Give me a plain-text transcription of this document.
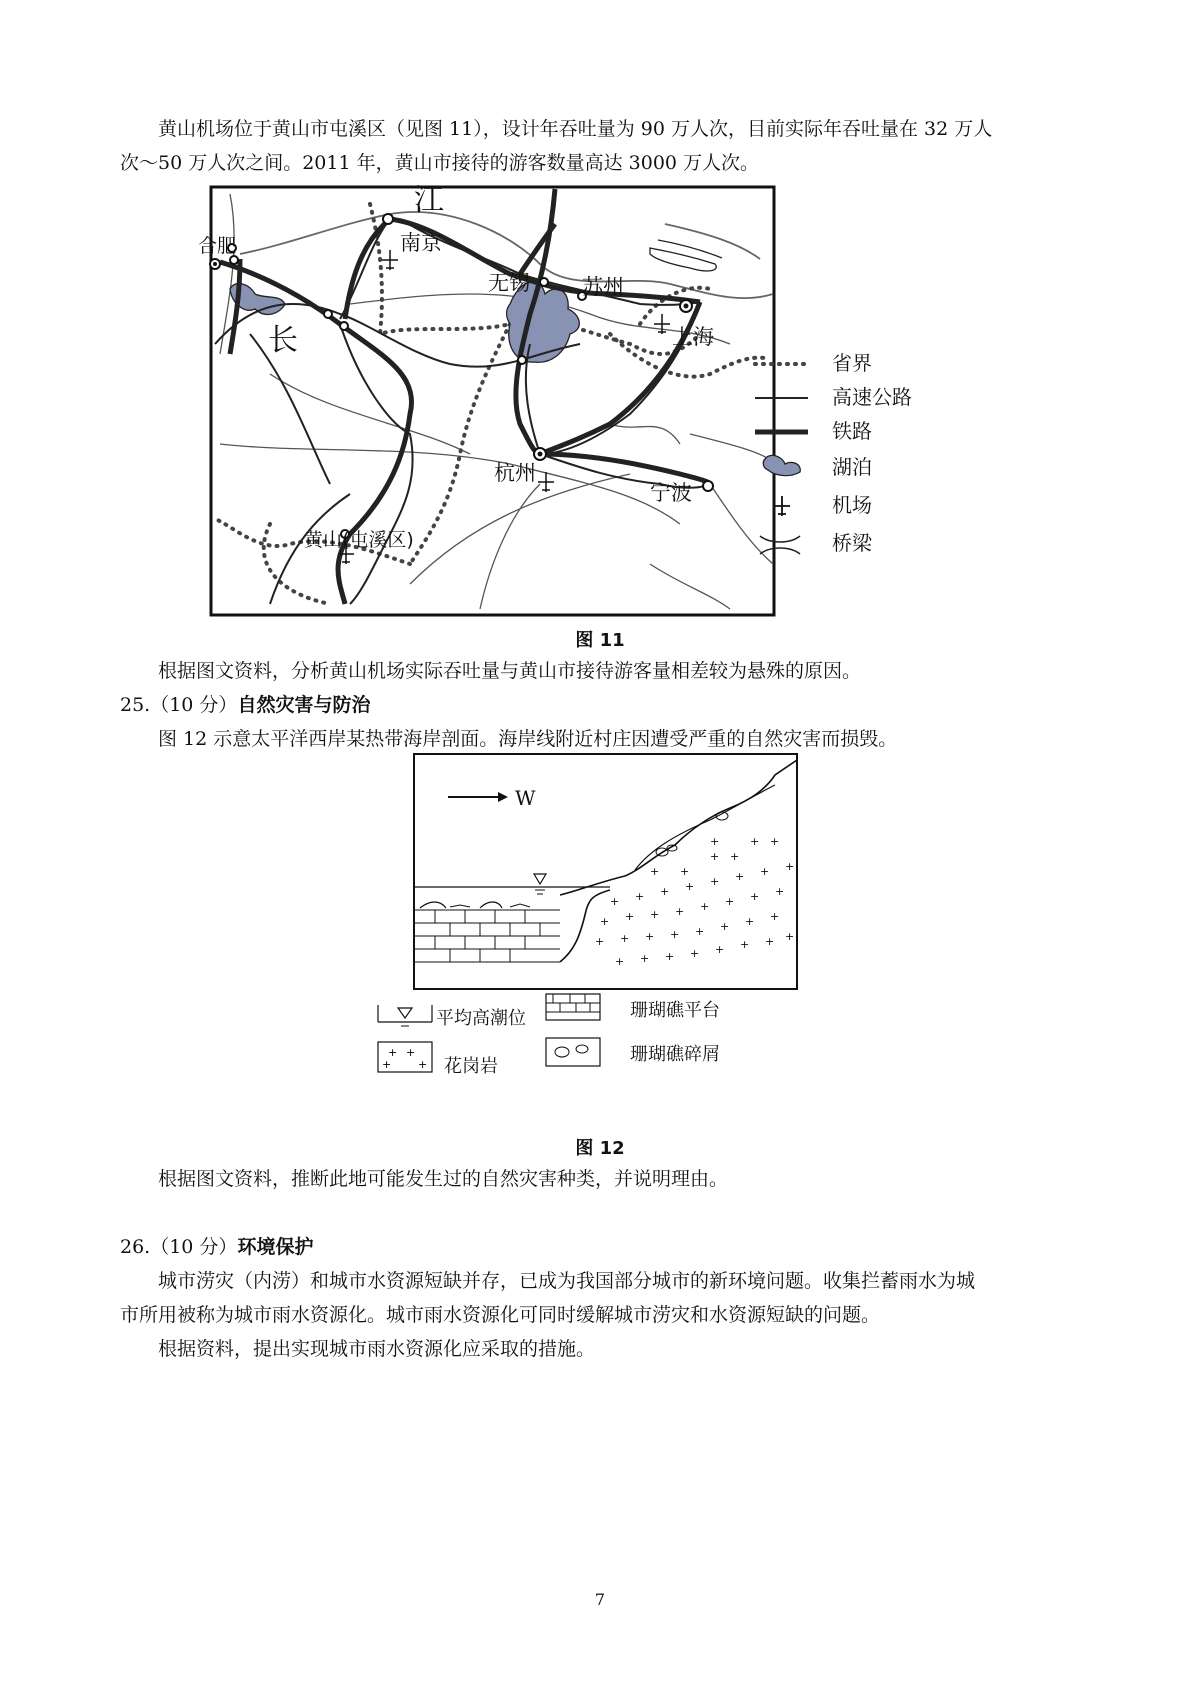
黄山机场位于黄山市屯溪区（见图 11），设计年吞吐量为 90 万人次，目前实际年吞吐量在 32 万人

次～50 万人次之间。2011 年，黄山市接待的游客数量高达 3000 万人次。

江
长
合肥	南京
无锡 苏州
上海
杭州
宁波
黄山(屯溪区)
省界
高速公路
铁路
湖泊
机场
桥梁
图 11

根据图文资料，分析黄山机场实际吞吐量与黄山市接待游客量相差较为悬殊的原因。

25.（10 分）自然灾害与防治

图 12 示意太平洋西岸某热带海岸剖面。海岸线附近村庄因遭受严重的自然灾害而损毁。

W
+ +
+ +
+ +
+
+ + + + + + + +
+ + + + + + + +
+ + + + + + + +
+ + + + + + + +
+ +
+ +
平均高潮位	珊瑚礁平台
花岗岩
珊瑚礁碎屑
图 12

根据图文资料，推断此地可能发生过的自然灾害种类，并说明理由。

26.（10 分）环境保护

城市涝灾（内涝）和城市水资源短缺并存，已成为我国部分城市的新环境问题。收集拦蓄雨水为城

市所用被称为城市雨水资源化。城市雨水资源化可同时缓解城市涝灾和水资源短缺的问题。

根据资料，提出实现城市雨水资源化应采取的措施。

7
